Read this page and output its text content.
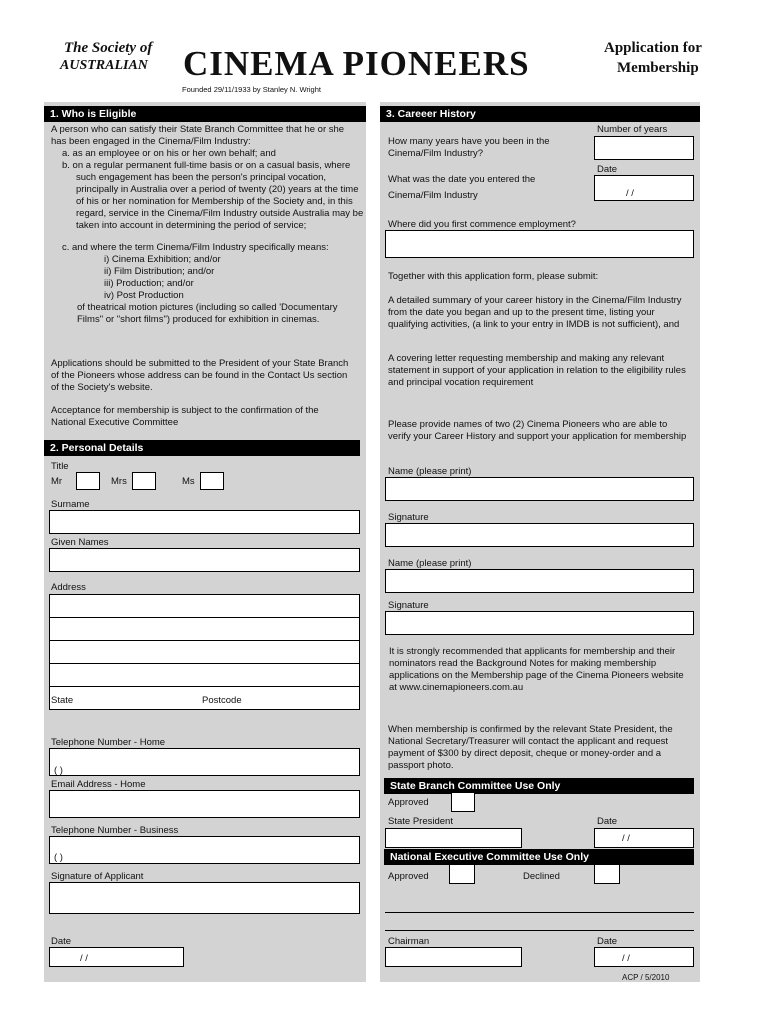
The Society of
AUSTRALIAN CINEMA PIONEERS
Founded 29/11/1933 by Stanley N. Wright
Application for
Membership
1. Who is Eligible
A person who can satisfy their State Branch Committee that he or she has been engaged in the Cinema/Film Industry:
a. as an employee or on his or her own behalf; and
b. on a regular permanent full-time basis or on a casual basis, where such engagement has been the person's principal vocation, principally in Australia over a period of twenty (20) years at the time of his or her nomination for Membership of the Society and, in this regard, service in the Cinema/Film Industry outside Australia may be taken into account in determining the period of service;
c. and where the term Cinema/Film Industry specifically means:
i) Cinema Exhibition; and/or
ii) Film Distribution; and/or
iii) Production; and/or
iv) Post Production
of theatrical motion pictures (including so called 'Documentary Films" or "short films") produced for exhibition in cinemas.
Applications should be submitted to the President of your State Branch of the Pioneers whose address can be found in the Contact Us section of the Society's website.
Acceptance for membership is subject to the confirmation of the National Executive Committee
2. Personal Details
Title
Mr	Mrs	Ms
Surname
Given Names
Address
State	Postcode
Telephone Number - Home
( )
Email Address - Home
Telephone Number - Business
( )
Signature of Applicant
Date
/ /
3. Careeer History
Number of years
How many years have you been in the Cinema/Film Industry?
Date
/ /
What was the date you entered the Cinema/Film Industry
Where did you first commence employment?
Together with this application form, please submit:
A detailed summary of your career history in the Cinema/Film Industry from the date you began and up to the present time, listing your qualifying activities, (a link to your entry in IMDB is not sufficient), and
A covering letter requesting membership and making any relevant statement in support of your application in relation to the eligibility rules and principal vocation requirement
Please provide names of two (2) Cinema Pioneers who are able to verify your Career History and support your application for membership
Name (please print)
Signature
Name (please print)
Signature
It is strongly recommended that applicants for membership and their nominators read the Background Notes for making membership applications on the Membership page of the Cinema Pioneers website at www.cinemapioneers.com.au
When membership is confirmed by the relevant State President, the National Secretary/Treasurer will contact the applicant and request payment of $300 by direct deposit, cheque or money-order and a passport photo.
State Branch Committee Use Only
Approved
State President	Date
/ /
National Executive Committee Use Only
Approved	Declined
Chairman	Date
/ /
ACP / 5/2010
